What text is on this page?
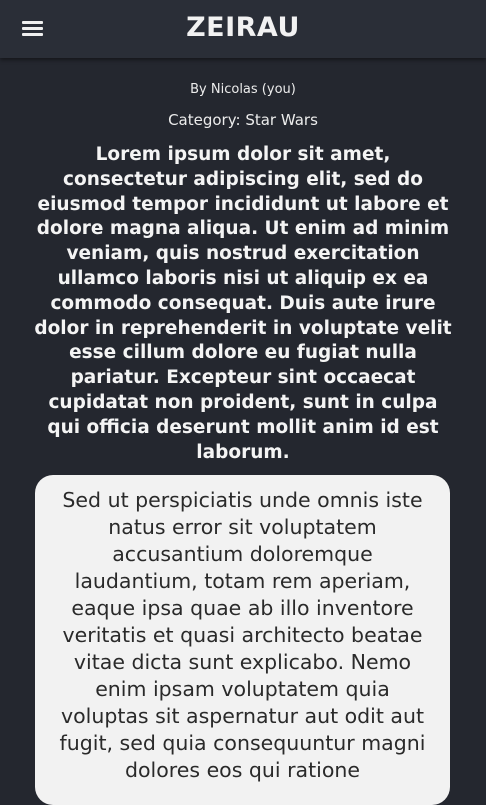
ZEIRAU
By Nicolas (you)
Category: Star Wars
Lorem ipsum dolor sit amet, consectetur adipiscing elit, sed do eiusmod tempor incididunt ut labore et dolore magna aliqua. Ut enim ad minim veniam, quis nostrud exercitation ullamco laboris nisi ut aliquip ex ea commodo consequat. Duis aute irure dolor in reprehenderit in voluptate velit esse cillum dolore eu fugiat nulla pariatur. Excepteur sint occaecat cupidatat non proident, sunt in culpa qui officia deserunt mollit anim id est laborum.
Sed ut perspiciatis unde omnis iste natus error sit voluptatem accusantium doloremque laudantium, totam rem aperiam, eaque ipsa quae ab illo inventore veritatis et quasi architecto beatae vitae dicta sunt explicabo. Nemo enim ipsam voluptatem quia voluptas sit aspernatur aut odit aut fugit, sed quia consequuntur magni dolores eos qui ratione
